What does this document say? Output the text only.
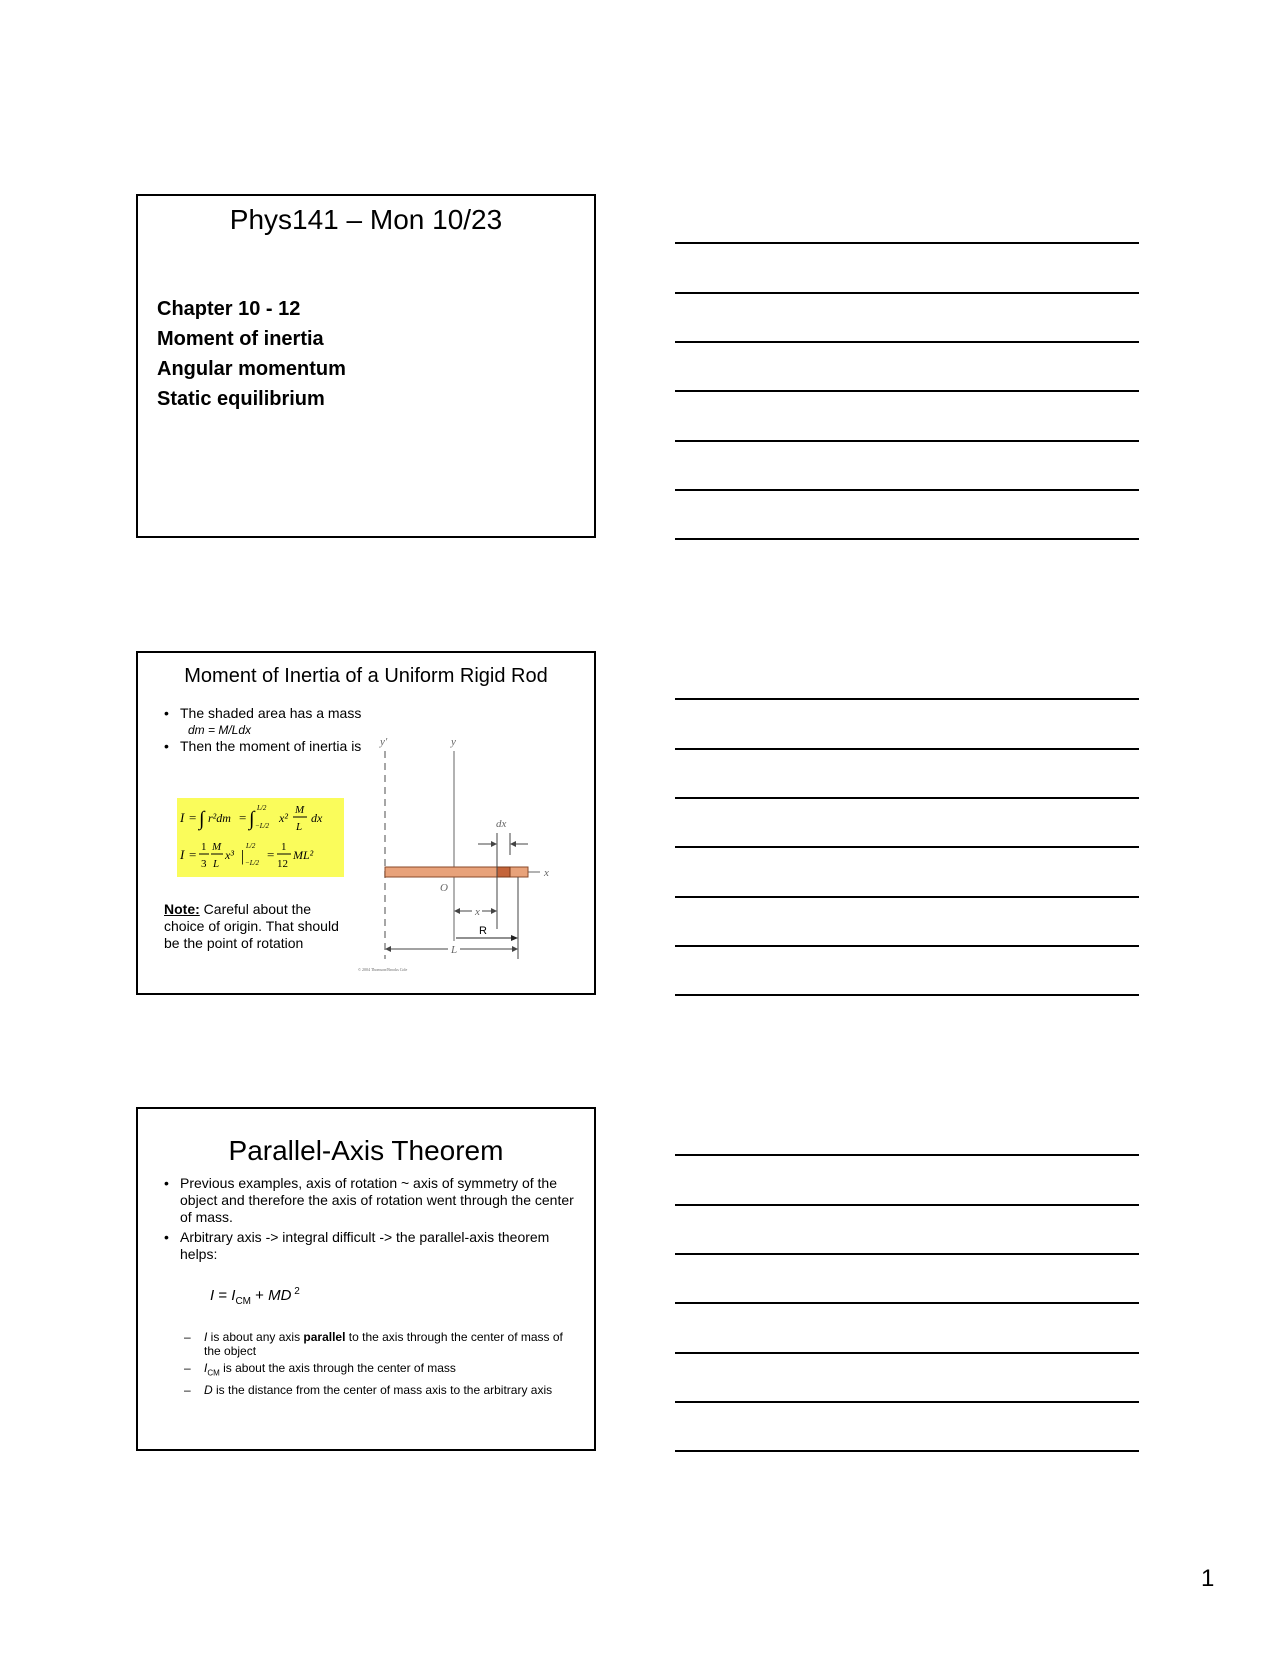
Phys141 – Mon 10/23
Chapter 10 - 12
Moment of inertia
Angular momentum
Static equilibrium
Moment of Inertia of a Uniform Rigid Rod
• The shaded area has a mass
dm = M/Ldx
• Then the moment of inertia is
I = ∫ r²dm = ∫ L/2
−L/2
x²
M
L
dx
I = 1
3
M
L
x³ |
L/2
−L/2
= 1
12
ML²
Note: Careful about the choice of origin. That should be the point of rotation
y′	y
x
dx
O
x
R
L
© 2004 Thomson/Brooks Cole
Parallel-Axis Theorem
• Previous examples, axis of rotation ~ axis of symmetry of the object and therefore the axis of rotation went through the center of mass.
• Arbitrary axis -> integral difficult -> the parallel-axis theorem helps:
$I = I_{CM}$ + MD $^2$
– I is about any axis parallel to the axis through the center of mass of the object
– $I_{CM}$ is about the axis through the center of mass
– D is the distance from the center of mass axis to the arbitrary axis
1
